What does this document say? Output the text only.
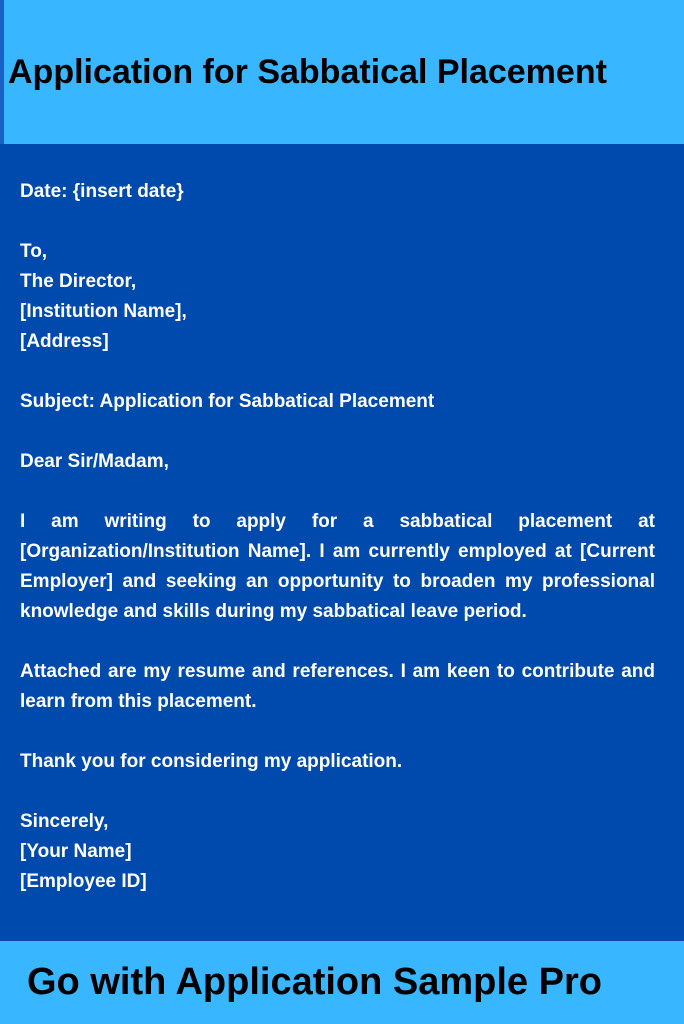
Application for Sabbatical Placement

Date: {insert date}

To,
The Director,
[Institution Name],
[Address]

Subject: Application for Sabbatical Placement

Dear Sir/Madam,

I am writing to apply for a sabbatical placement at [Organization/Institution Name]. I am currently employed at [Current Employer] and seeking an opportunity to broaden my professional knowledge and skills during my sabbatical leave period.

Attached are my resume and references. I am keen to contribute and learn from this placement.

Thank you for considering my application.

Sincerely,
[Your Name]
[Employee ID]

Go with Application Sample Pro
